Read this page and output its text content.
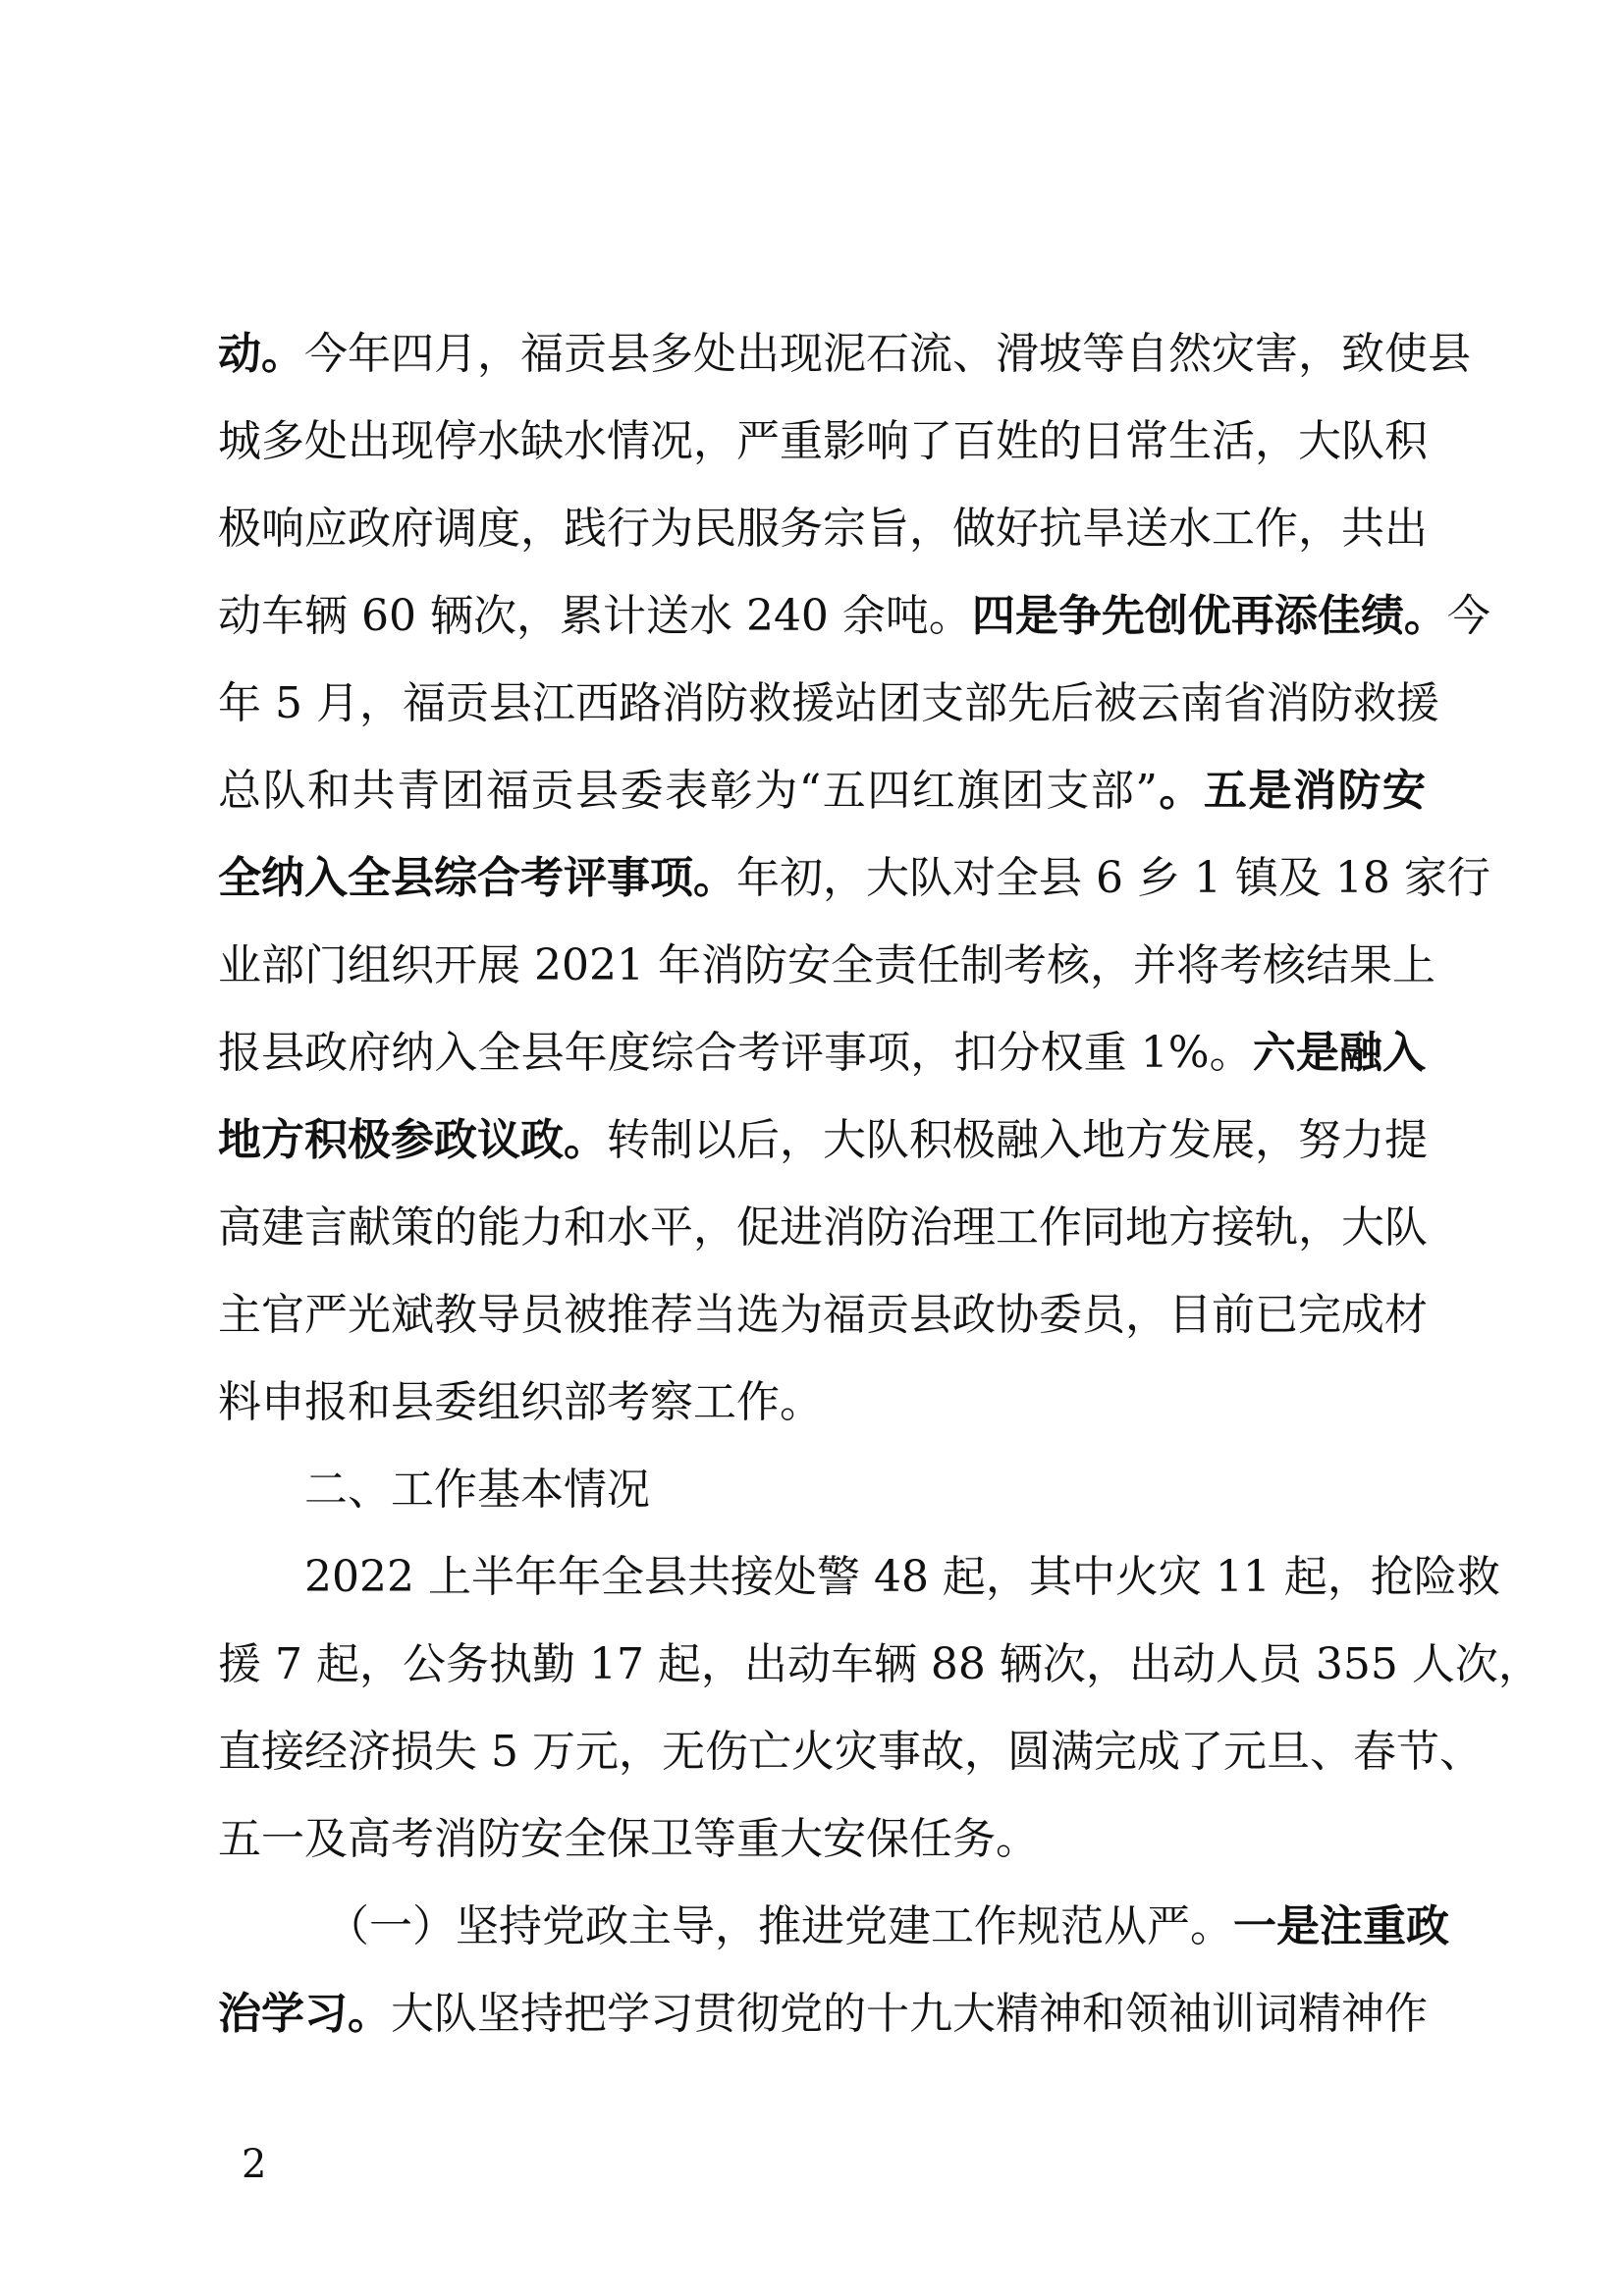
动。今年四月，福贡县多处出现泥石流、滑坡等自然灾害，致使县
城多处出现停水缺水情况，严重影响了百姓的日常生活，大队积
极响应政府调度，践行为民服务宗旨，做好抗旱送水工作，共出
动车辆 60 辆次，累计送水 240 余吨。四是争先创优再添佳绩。今
年 5 月，福贡县江西路消防救援站团支部先后被云南省消防救援
总队和共青团福贡县委表彰为“五四红旗团支部”。五是消防安
全纳入全县综合考评事项。年初，大队对全县 6 乡 1 镇及 18 家行
业部门组织开展 2021 年消防安全责任制考核，并将考核结果上
报县政府纳入全县年度综合考评事项，扣分权重 1%。六是融入
地方积极参政议政。转制以后，大队积极融入地方发展，努力提
高建言献策的能力和水平，促进消防治理工作同地方接轨，大队
主官严光斌教导员被推荐当选为福贡县政协委员，目前已完成材
料申报和县委组织部考察工作。
二、工作基本情况
2022 上半年年全县共接处警 48 起，其中火灾 11 起，抢险救
援 7 起，公务执勤 17 起，出动车辆 88 辆次，出动人员 355 人次，
直接经济损失 5 万元，无伤亡火灾事故，圆满完成了元旦、春节、
五一及高考消防安全保卫等重大安保任务。
（一）坚持党政主导，推进党建工作规范从严。一是注重政
治学习。大队坚持把学习贯彻党的十九大精神和领袖训词精神作
2
